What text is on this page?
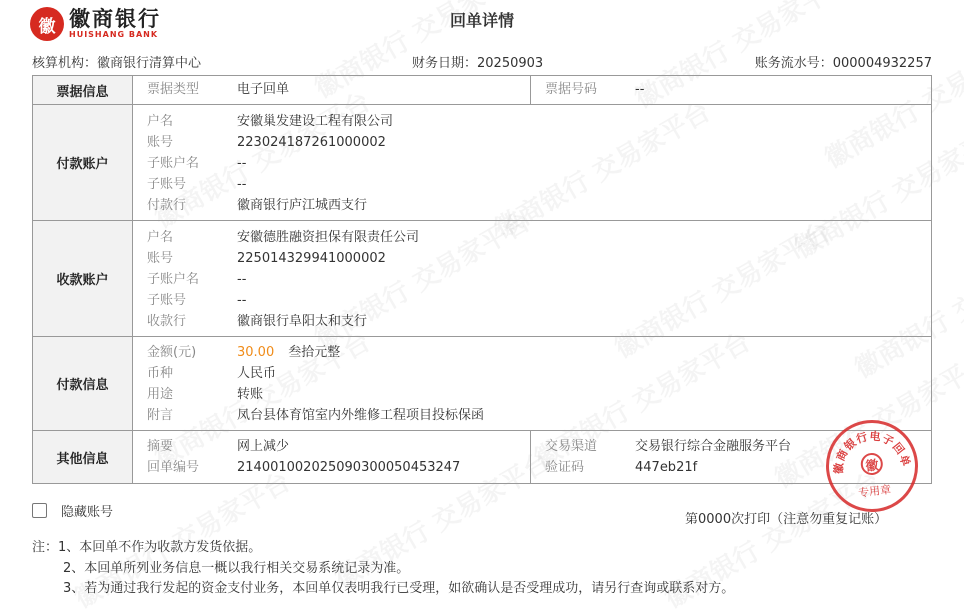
徽 徽商银行
HUISHANG BANK
回单详情
核算机构：徽商银行清算中心	财务日期：20250903	账务流水号：000004932257
票据信息	票据类型	电子回单	票据号码	--
付款账户
户名	安徽巢发建设工程有限公司
账号	223024187261000002
子账户名	--
子账号	--
付款行	徽商银行庐江城西支行
收款账户
户名	安徽德胜融资担保有限责任公司
账号	225014329941000002
子账户名	--
子账号	--
收款行	徽商银行阜阳太和支行
付款信息
金额(元)	30.00 叁拾元整
币种	人民币
用途	转账
附言	凤台县体育馆室内外维修工程项目投标保函
其他信息
摘要	网上减少
回单编号	2140010020250903000504532​47
交易渠道	交易银行综合金融服务平台
验证码	447eb21f	徽商银行电子回单
徽
专用章
隐藏账号	第0000次打印（注意勿重复记账）
注：1、本回单不作为收款方发货依据。
2、本回单所列业务信息一概以我行相关交易系统记录为准。
3、若为通过我行发起的资金支付业务，本回单仅表明我行已受理，如欲确认是否受理成功，请另行查询或联系对方。
